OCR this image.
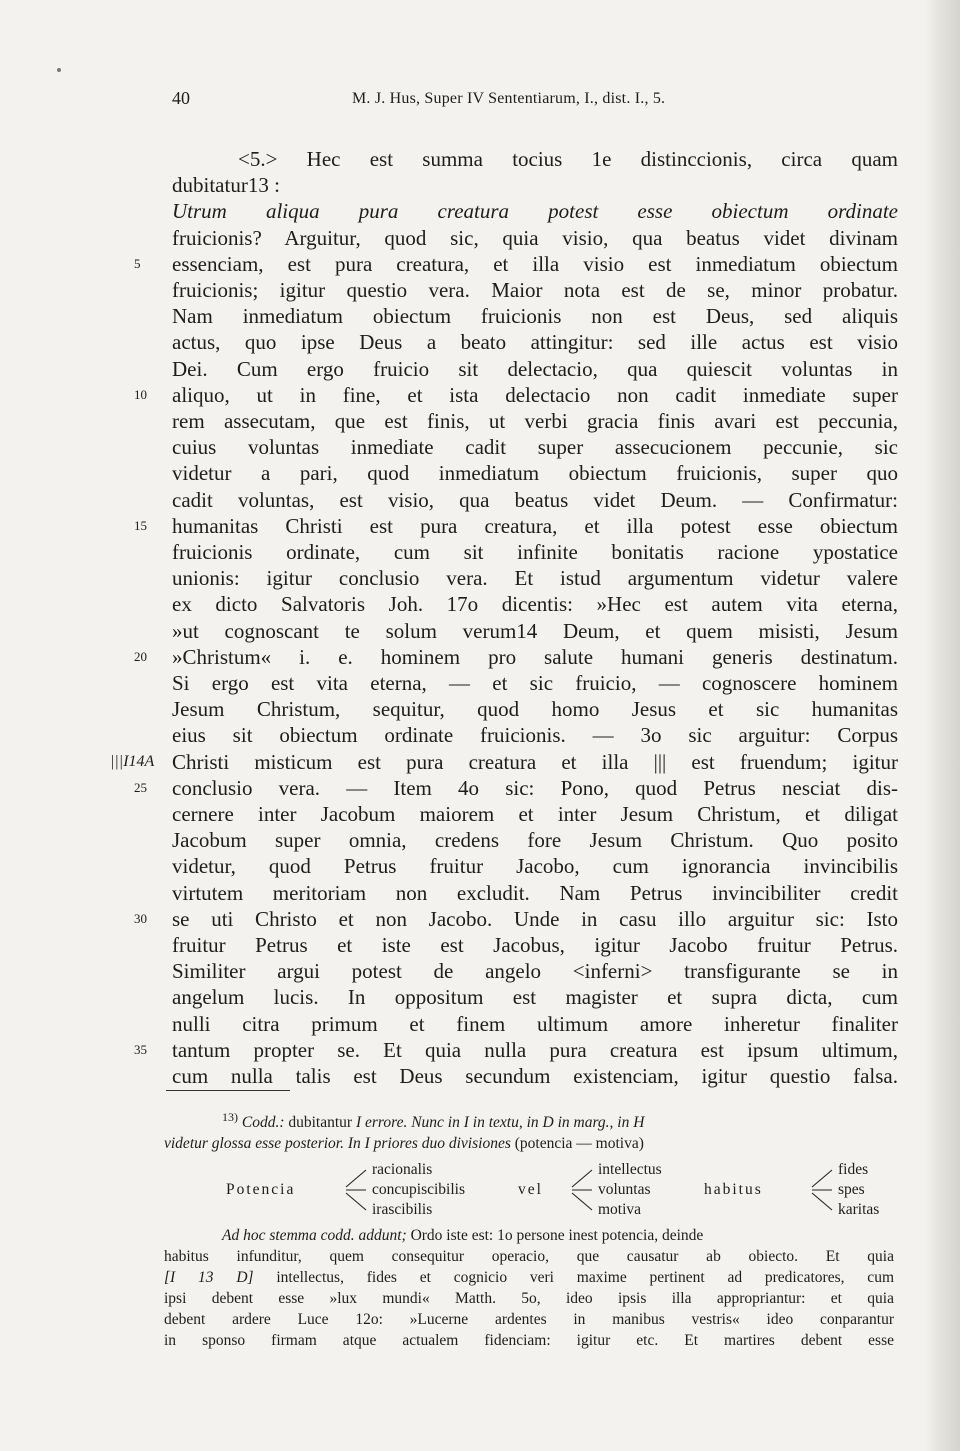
40	M. J. Hus, Super IV Sententiarum, I., dist. I., 5.
<5.> Hec est summa tocius 1e distinccionis, circa quam
dubitatur13 :
Utrum aliqua pura creatura potest esse obiectum ordinate
fruicionis? Arguitur, quod sic, quia visio, qua beatus videt divinam
essenciam, est pura creatura, et illa visio est inmediatum obiectum
5
fruicionis; igitur questio vera. Maior nota est de se, minor probatur.
Nam inmediatum obiectum fruicionis non est Deus, sed aliquis
actus, quo ipse Deus a beato attingitur: sed ille actus est visio
Dei. Cum ergo fruicio sit delectacio, qua quiescit voluntas in
aliquo, ut in fine, et ista delectacio non cadit inmediate super
10
rem assecutam, que est finis, ut verbi gracia finis avari est peccunia,
cuius voluntas inmediate cadit super assecucionem peccunie, sic
videtur a pari, quod inmediatum obiectum fruicionis, super quo
cadit voluntas, est visio, qua beatus videt Deum. — Confirmatur:
humanitas Christi est pura creatura, et illa potest esse obiectum
15
fruicionis ordinate, cum sit infinite bonitatis racione ypostatice
unionis: igitur conclusio vera. Et istud argumentum videtur valere
ex dicto Salvatoris Joh. 17o dicentis: »Hec est autem vita eterna,
»ut cognoscant te solum verum14 Deum, et quem misisti, Jesum
»Christum« i. e. hominem pro salute humani generis destinatum.
20
Si ergo est vita eterna, — et sic fruicio, — cognoscere hominem
Jesum Christum, sequitur, quod homo Jesus et sic humanitas
eius sit obiectum ordinate fruicionis. — 3o sic arguitur: Corpus
Christi misticum est pura creatura et illa ||| est fruendum; igitur
|||I14A
conclusio vera. — Item 4o sic: Pono, quod Petrus nesciat dis-
25
cernere inter Jacobum maiorem et inter Jesum Christum, et diligat
Jacobum super omnia, credens fore Jesum Christum. Quo posito
videtur, quod Petrus fruitur Jacobo, cum ignorancia invincibilis
virtutem meritoriam non excludit. Nam Petrus invincibiliter credit
se uti Christo et non Jacobo. Unde in casu illo arguitur sic: Isto
30
fruitur Petrus et iste est Jacobus, igitur Jacobo fruitur Petrus.
Similiter argui potest de angelo <inferni> transfigurante se in
angelum lucis. In oppositum est magister et supra dicta, cum
nulli citra primum et finem ultimum amore inheretur finaliter
tantum propter se. Et quia nulla pura creatura est ipsum ultimum,
35
cum nulla talis est Deus secundum existenciam, igitur questio falsa.
$^{13)}$ Codd.: dubitantur I errore. Nunc in I in textu, in D in marg., in H
videtur glossa esse posterior. In I priores duo divisiones (potencia — motiva)
Potencia
racionalis
concupiscibilis
irascibilis
vel
intellectus
voluntas
motiva
habitus
fides
spes
karitas
Ad hoc stemma codd. addunt; Ordo iste est: 1o persone inest potencia, deinde
habitus infunditur, quem consequitur operacio, que causatur ab obiecto. Et quia
[I 13 D] intellectus, fides et cognicio veri maxime pertinent ad predicatores, cum
ipsi debent esse »lux mundi« Matth. 5o, ideo ipsis illa appropriantur: et quia
debent ardere Luce 12o: »Lucerne ardentes in manibus vestris« ideo conparantur
in sponso firmam atque actualem fidenciam: igitur etc. Et martires debent esse
